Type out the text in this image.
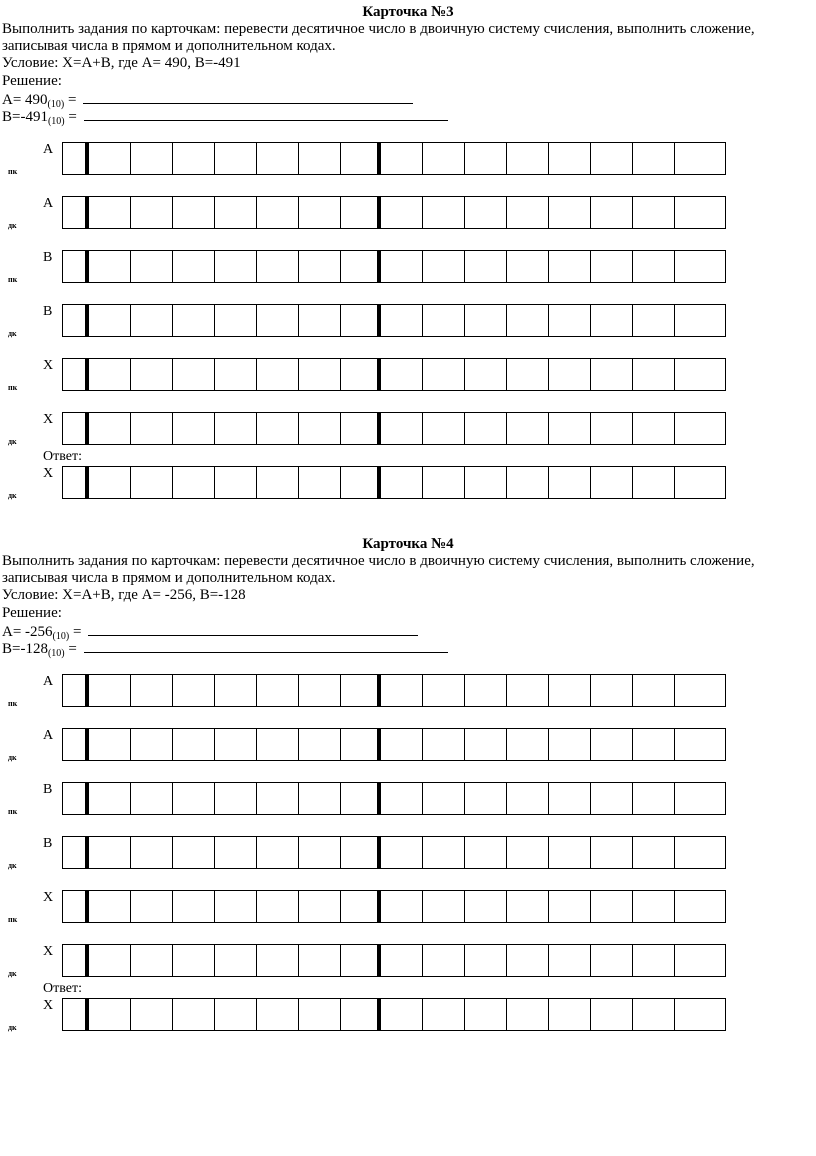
Карточка №3
Выполнить задания по карточкам: перевести десятичное число в двоичную систему счисления, выполнить сложение,
записывая числа в прямом и дополнительном кодах.
Условие: X=A+B, где A= 490, B=-491
Решение:
$A= 490_{(10)}$ =
$B=-491_{(10)}$ =
A
пк
A
дк
B
пк
B
дк
X
пк
X
дк
Ответ:
X
дк
Карточка №4
Выполнить задания по карточкам: перевести десятичное число в двоичную систему счисления, выполнить сложение,
записывая числа в прямом и дополнительном кодах.
Условие: X=A+B, где A= -256, B=-128
Решение:
$A= -256_{(10)}$ =
$B=-128_{(10)}$ =
A
пк
A
дк
B
пк
B
дк
X
пк
X
дк
Ответ:
X
дк
